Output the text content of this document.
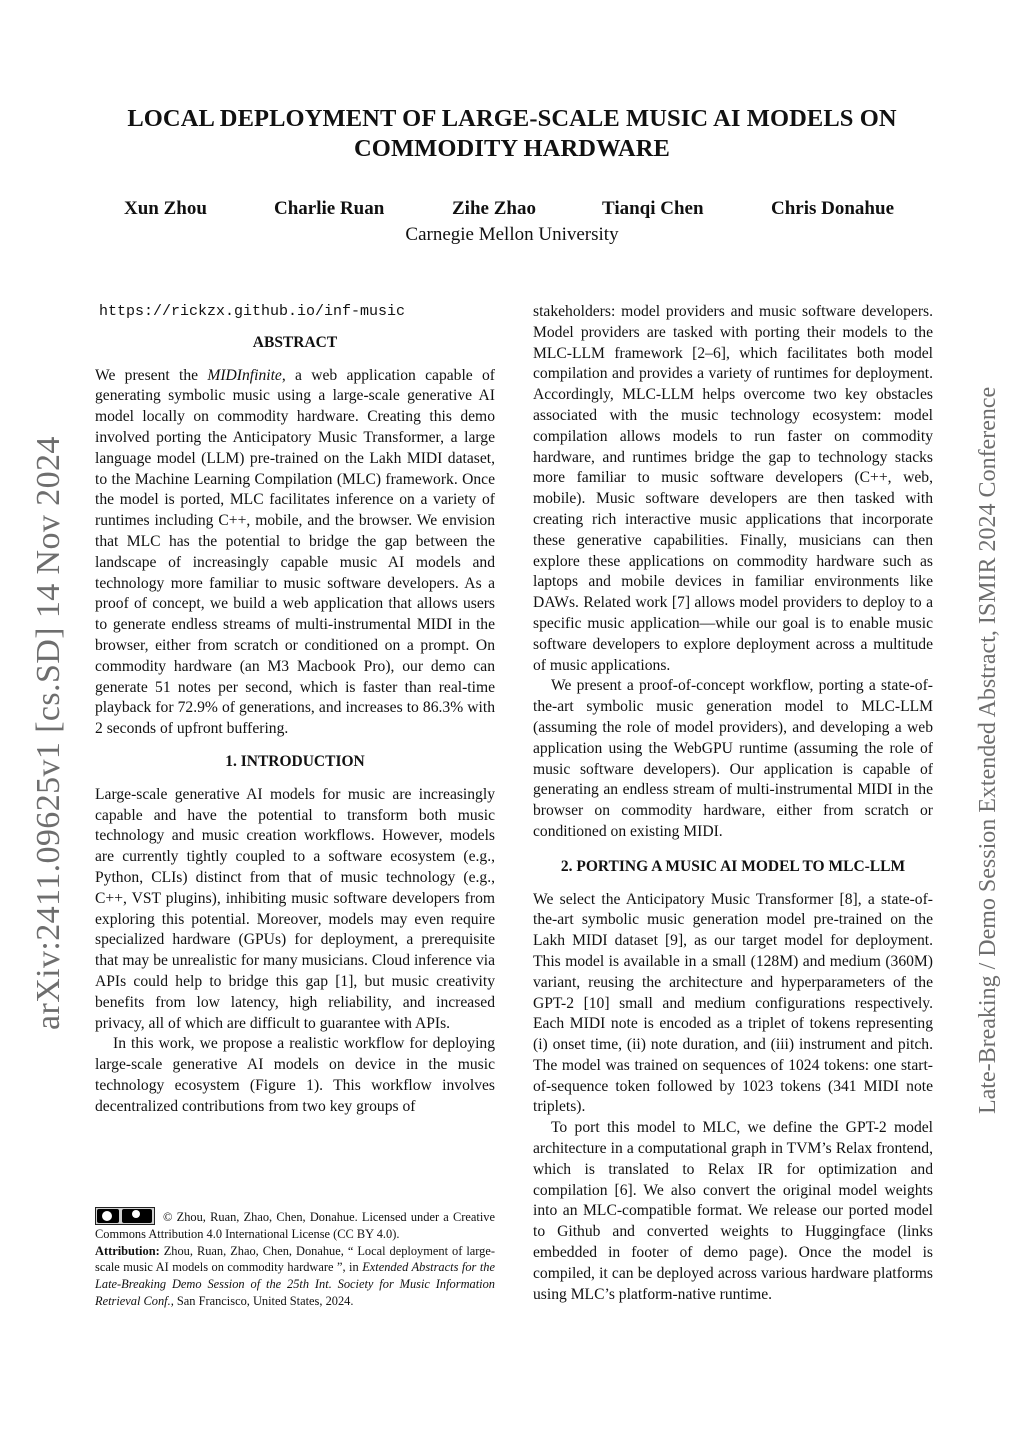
LOCAL DEPLOYMENT OF LARGE-SCALE MUSIC AI MODELS ON
COMMODITY HARDWARE
Xun Zhou	Charlie Ruan	Zihe Zhao	Tianqi Chen	Chris Donahue
Carnegie Mellon University
arXiv:2411.09625v1 [cs.SD] 14 Nov 2024	Late-Breaking / Demo Session Extended Abstract, ISMIR 2024 Conference
https://rickzx.github.io/inf-music
ABSTRACT

We present the MIDInfinite, a web application capable of generating symbolic music using a large-scale generative AI model locally on commodity hardware. Creating this demo involved porting the Anticipatory Music Transformer, a large language model (LLM) pre-trained on the Lakh MIDI dataset, to the Machine Learning Compilation (MLC) framework. Once the model is ported, MLC facilitates inference on a variety of runtimes including C++, mobile, and the browser. We envision that MLC has the potential to bridge the gap between the landscape of increasingly capable music AI models and technology more familiar to music software developers. As a proof of concept, we build a web application that allows users to generate endless streams of multi-instrumental MIDI in the browser, either from scratch or conditioned on a prompt. On commodity hardware (an M3 Macbook Pro), our demo can generate 51 notes per second, which is faster than real-time playback for 72.9% of generations, and increases to 86.3% with 2 seconds of upfront buffering.

1. INTRODUCTION

Large-scale generative AI models for music are increasingly capable and have the potential to transform both music technology and music creation workflows. However, models are currently tightly coupled to a software ecosystem (e.g., Python, CLIs) distinct from that of music technology (e.g., C++, VST plugins), inhibiting music software developers from exploring this potential. Moreover, models may even require specialized hardware (GPUs) for deployment, a prerequisite that may be unrealistic for many musicians. Cloud inference via APIs could help to bridge this gap [1], but music creativity benefits from low latency, high reliability, and increased privacy, all of which are difficult to guarantee with APIs.

In this work, we propose a realistic workflow for deploying large-scale generative AI models on device in the music technology ecosystem (Figure 1). This workflow involves decentralized contributions from two key groups of

© Zhou, Ruan, Zhao, Chen, Donahue. Licensed under a Creative Commons Attribution 4.0 International License (CC BY 4.0).
Attribution: Zhou, Ruan, Zhao, Chen, Donahue, “ Local deployment of large-scale music AI models on commodity hardware ”, in Extended Abstracts for the Late-Breaking Demo Session of the 25th Int. Society for Music Information Retrieval Conf., San Francisco, United States, 2024.

stakeholders: model providers and music software developers. Model providers are tasked with porting their models to the MLC-LLM framework [2–6], which facilitates both model compilation and provides a variety of runtimes for deployment. Accordingly, MLC-LLM helps overcome two key obstacles associated with the music technology ecosystem: model compilation allows models to run faster on commodity hardware, and runtimes bridge the gap to technology stacks more familiar to music software developers (C++, web, mobile). Music software developers are then tasked with creating rich interactive music applications that incorporate these generative capabilities. Finally, musicians can then explore these applications on commodity hardware such as laptops and mobile devices in familiar environments like DAWs. Related work [7] allows model providers to deploy to a specific music application—while our goal is to enable music software developers to explore deployment across a multitude of music applications.

We present a proof-of-concept workflow, porting a state-of-the-art symbolic music generation model to MLC-LLM (assuming the role of model providers), and developing a web application using the WebGPU runtime (assuming the role of music software developers). Our application is capable of generating an endless stream of multi-instrumental MIDI in the browser on commodity hardware, either from scratch or conditioned on existing MIDI.

2. PORTING A MUSIC AI MODEL TO MLC-LLM

We select the Anticipatory Music Transformer [8], a state-of-the-art symbolic music generation model pre-trained on the Lakh MIDI dataset [9], as our target model for deployment. This model is available in a small (128M) and medium (360M) variant, reusing the architecture and hyperparameters of the GPT-2 [10] small and medium configurations respectively. Each MIDI note is encoded as a triplet of tokens representing (i) onset time, (ii) note duration, and (iii) instrument and pitch. The model was trained on sequences of 1024 tokens: one start-of-sequence token followed by 1023 tokens (341 MIDI note triplets).

To port this model to MLC, we define the GPT-2 model architecture in a computational graph in TVM’s Relax frontend, which is translated to Relax IR for optimization and compilation [6]. We also convert the original model weights into an MLC-compatible format. We release our ported model to Github and converted weights to Huggingface (links embedded in footer of demo page). Once the model is compiled, it can be deployed across various hardware platforms using MLC’s platform-native runtime.
